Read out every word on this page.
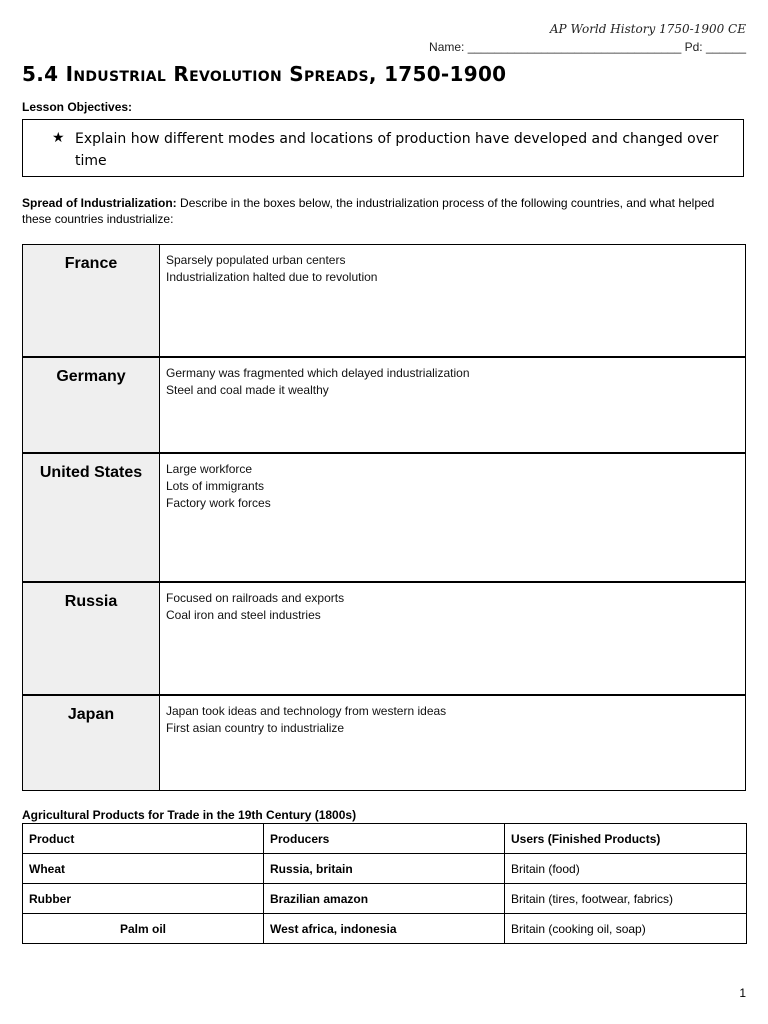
AP World History 1750-1900 CE
Name: ________________________________ Pd: ______
5.4 Industrial Revolution Spreads, 1750-1900
Lesson Objectives:
★ Explain how different modes and locations of production have developed and changed over time
Spread of Industrialization: Describe in the boxes below, the industrialization process of the following countries, and what helped these countries industrialize:
France	Sparsely populated urban centers
Industrialization halted due to revolution

Germany	Germany was fragmented which delayed industrialization
Steel and coal made it wealthy

United States	Large workforce
Lots of immigrants
Factory work forces

Russia	Focused on railroads and exports
Coal iron and steel industries

Japan	Japan took ideas and technology from western ideas
First asian country to industrialize
Agricultural Products for Trade in the 19th Century (1800s)
Product	Producers	Users (Finished Products)
Wheat	Russia, britain	Britain (food)
Rubber	Brazilian amazon	Britain (tires, footwear, fabrics)
Palm oil	West africa, indonesia	Britain (cooking oil, soap)
1
